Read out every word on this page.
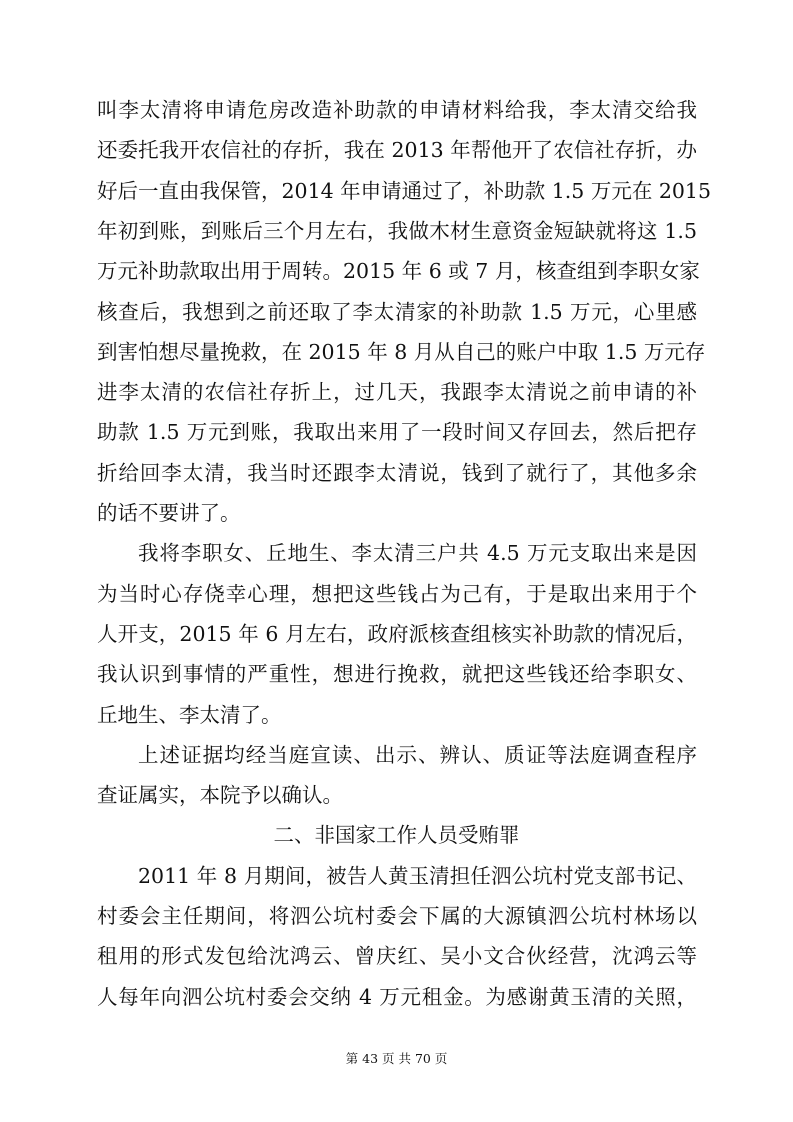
叫李太清将申请危房改造补助款的申请材料给我，李太清交给我
还委托我开农信社的存折，我在 2013 年帮他开了农信社存折，办
好后一直由我保管，2014 年申请通过了，补助款 1.5 万元在 2015
年初到账，到账后三个月左右，我做木材生意资金短缺就将这 1.5
万元补助款取出用于周转。2015 年 6 或 7 月，核查组到李职女家
核查后，我想到之前还取了李太清家的补助款 1.5 万元，心里感
到害怕想尽量挽救，在 2015 年 8 月从自己的账户中取 1.5 万元存
进李太清的农信社存折上，过几天，我跟李太清说之前申请的补
助款 1.5 万元到账，我取出来用了一段时间又存回去，然后把存
折给回李太清，我当时还跟李太清说，钱到了就行了，其他多余
的话不要讲了。
我将李职女、丘地生、李太清三户共 4.5 万元支取出来是因
为当时心存侥幸心理，想把这些钱占为己有，于是取出来用于个
人开支，2015 年 6 月左右，政府派核查组核实补助款的情况后，
我认识到事情的严重性，想进行挽救，就把这些钱还给李职女、
丘地生、李太清了。
上述证据均经当庭宣读、出示、辨认、质证等法庭调查程序
查证属实，本院予以确认。
二、非国家工作人员受贿罪
2011 年 8 月期间，被告人黄玉清担任泗公坑村党支部书记、
村委会主任期间，将泗公坑村委会下属的大源镇泗公坑村林场以
租用的形式发包给沈鸿云、曾庆红、吴小文合伙经营，沈鸿云等
人每年向泗公坑村委会交纳 4 万元租金。为感谢黄玉清的关照，
第 43 页 共 70 页
